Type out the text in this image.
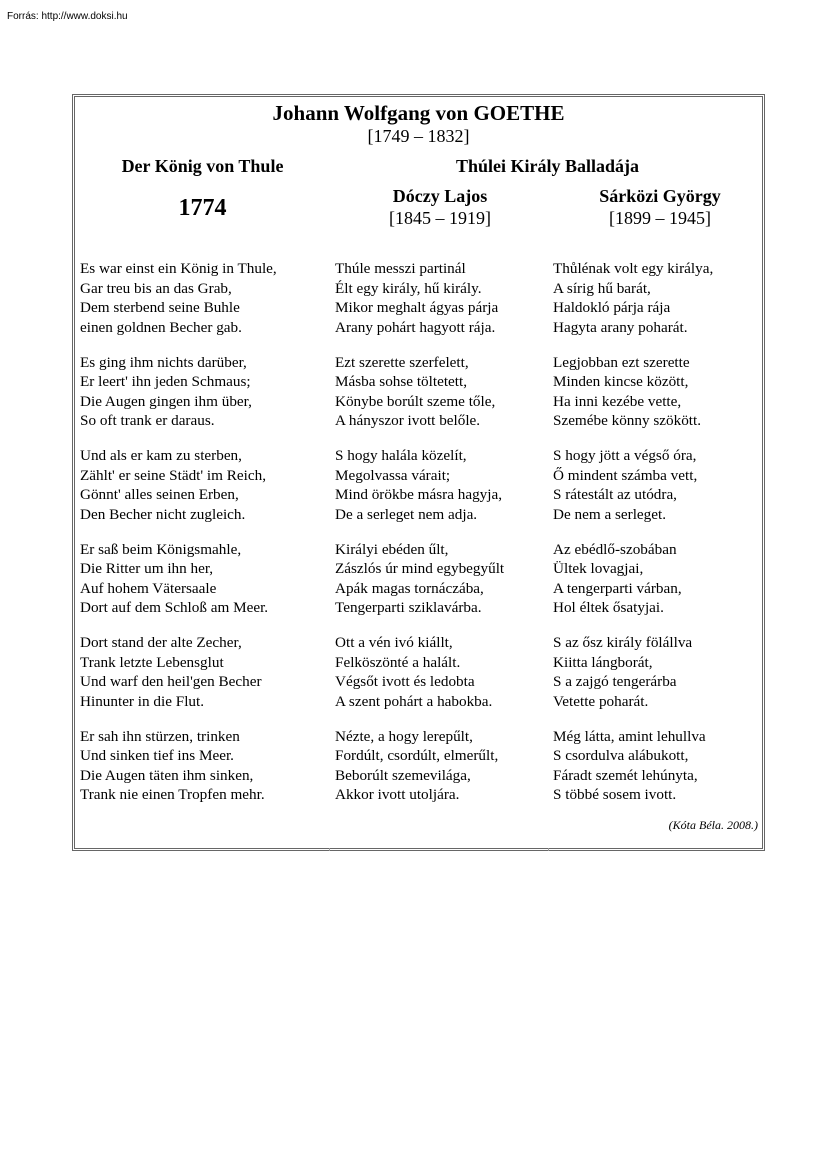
Forrás: http://www.doksi.hu
Johann Wolfgang von GOETHE
[1749 – 1832]
Der König von Thule
1774
Thúlei Király Balladája
Dóczy Lajos
[1845 – 1919]
Sárközi György
[1899 – 1945]
Es war einst ein König in Thule,
Gar treu bis an das Grab,
Dem sterbend seine Buhle
einen goldnen Becher gab.
Es ging ihm nichts darüber,
Er leert' ihn jeden Schmaus;
Die Augen gingen ihm über,
So oft trank er daraus.
Und als er kam zu sterben,
Zählt' er seine Städt' im Reich,
Gönnt' alles seinen Erben,
Den Becher nicht zugleich.
Er saß beim Königsmahle,
Die Ritter um ihn her,
Auf hohem Vätersaale
Dort auf dem Schloß am Meer.
Dort stand der alte Zecher,
Trank letzte Lebensglut
Und warf den heil'gen Becher
Hinunter in die Flut.
Er sah ihn stürzen, trinken
Und sinken tief ins Meer.
Die Augen täten ihm sinken,
Trank nie einen Tropfen mehr.
Thúle messzi partinál
Élt egy király, hű király.
Mikor meghalt ágyas párja
Arany pohárt hagyott rája.
Ezt szerette szerfelett,
Másba sohse töltetett,
Könybe borúlt szeme tőle,
A hányszor ivott belőle.
S hogy halála közelít,
Megolvassa várait;
Mind örökbe másra hagyja,
De a serleget nem adja.
Királyi ebéden űlt,
Zászlós úr mind egybegyűlt
Apák magas tornáczába,
Tengerparti sziklavárba.
Ott a vén ivó kiállt,
Felköszönté a halált.
Végsőt ivott és ledobta
A szent pohárt a habokba.
Nézte, a hogy lerepűlt,
Fordúlt, csordúlt, elmerűlt,
Beborúlt szemevilága,
Akkor ivott utoljára.
Thůlénak volt egy királya,
A sírig hű barát,
Haldokló párja rája
Hagyta arany poharát.
Legjobban ezt szerette
Minden kincse között,
Ha inni kezébe vette,
Szemébe könny szökött.
S hogy jött a végső óra,
Ő mindent számba vett,
S rátestált az utódra,
De nem a serleget.
Az ebédlő-szobában
Ültek lovagjai,
A tengerparti várban,
Hol éltek ősatyjai.
S az ősz király fölállva
Kiitta lángborát,
S a zajgó tengerárba
Vetette poharát.
Még látta, amint lehullva
S csordulva alábukott,
Fáradt szemét lehúnyta,
S többé sosem ivott.
(Kóta Béla. 2008.)
